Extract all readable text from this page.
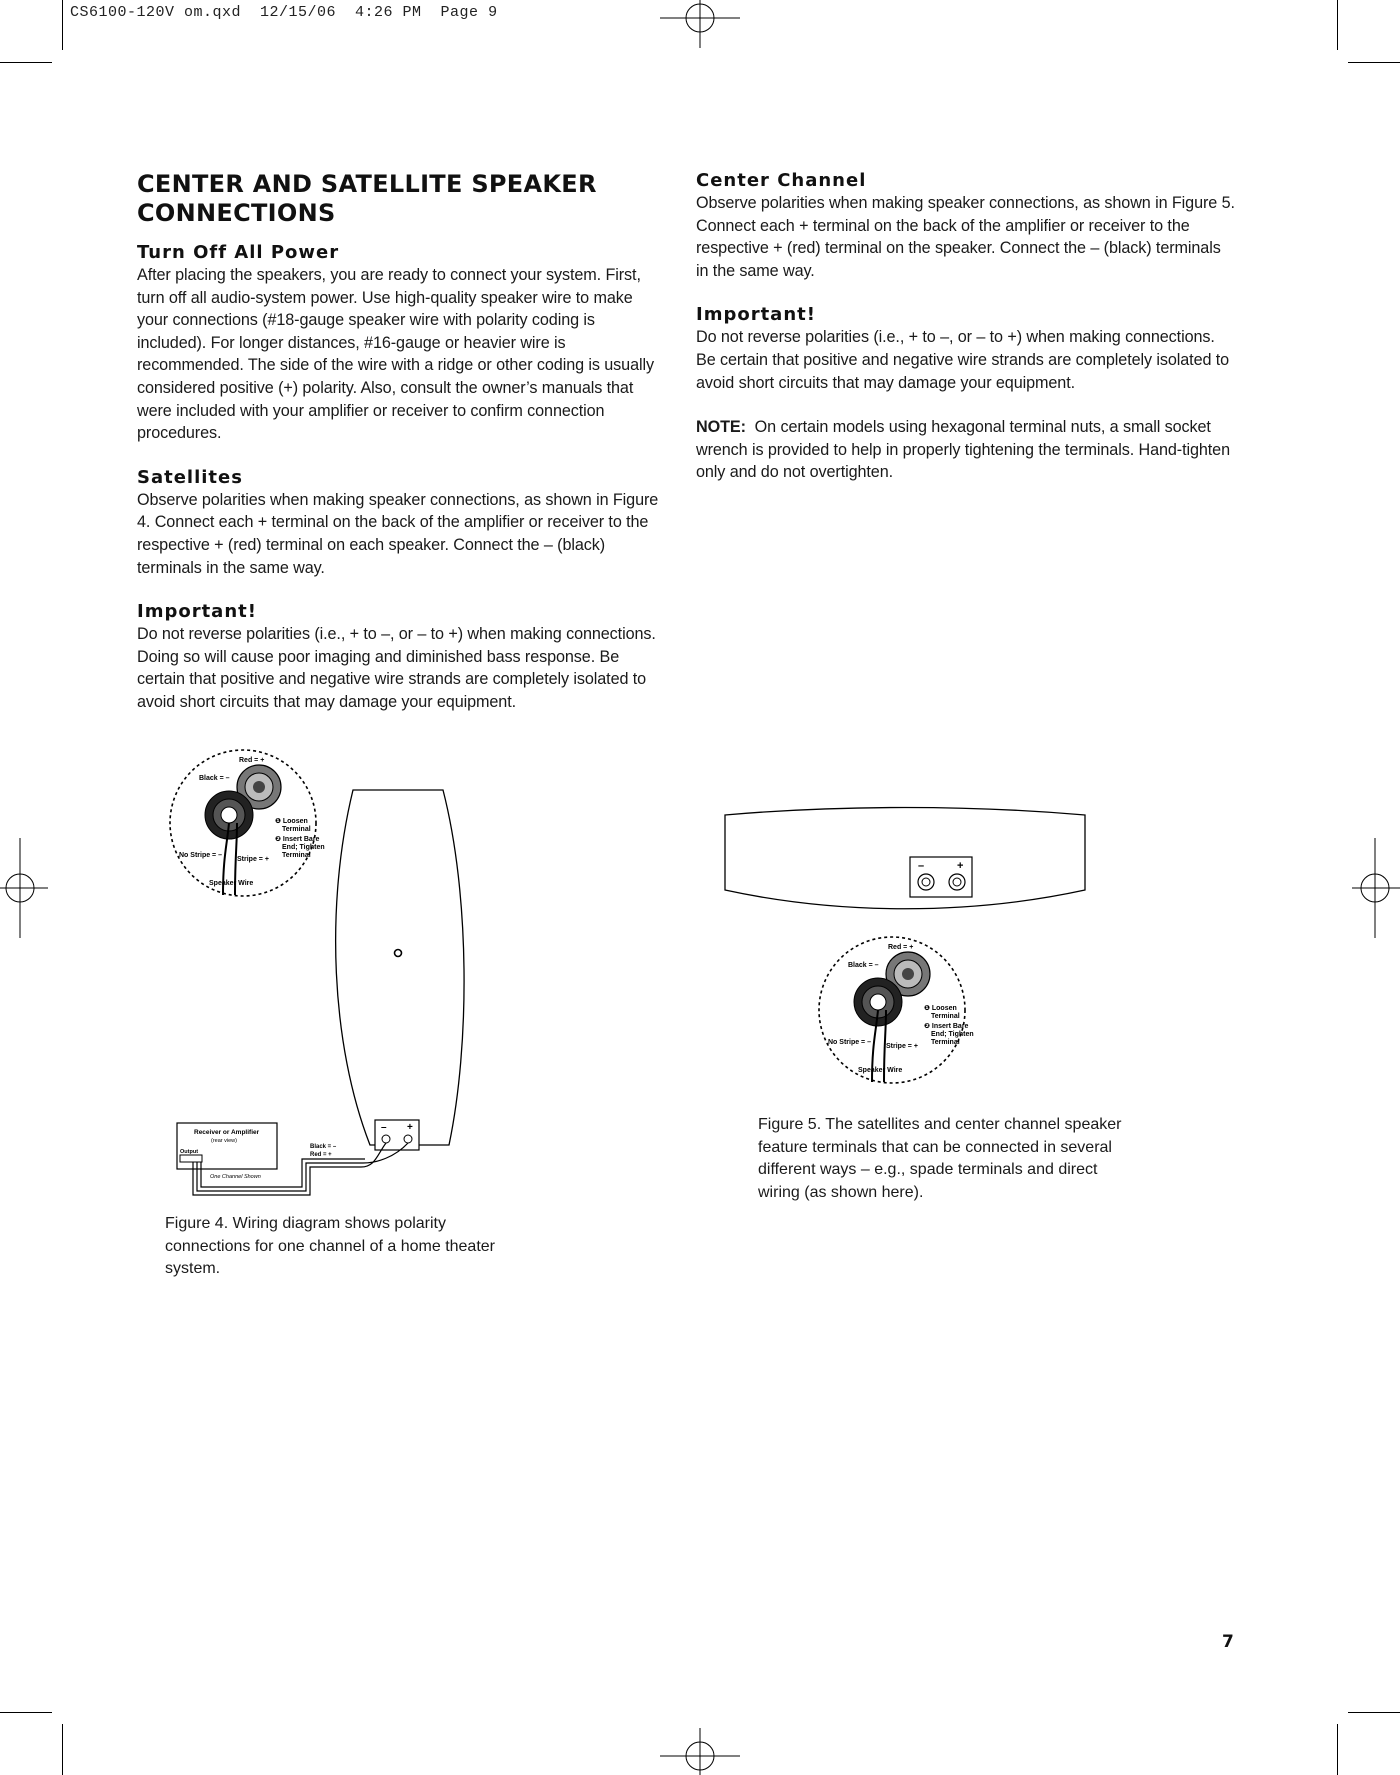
CS6100-120V om.qxd  12/15/06  4:26 PM  Page 9
CENTER AND SATELLITE SPEAKER CONNECTIONS
Turn Off All Power

After placing the speakers, you are ready to connect your system. First, turn off all audio-system power. Use high-quality speaker wire to make your connections (#18-gauge speaker wire with polarity coding is included). For longer distances, #16-gauge or heavier wire is recommended. The side of the wire with a ridge or other coding is usually considered positive (+) polarity. Also, consult the owner’s manuals that were included with your amplifier or receiver to confirm connection procedures.

Satellites

Observe polarities when making speaker connections, as shown in Figure 4. Connect each + terminal on the back of the amplifier or receiver to the respective + (red) terminal on each speaker. Connect the – (black) terminals in the same way.

Important!

Do not reverse polarities (i.e., + to –, or – to +) when making connections. Doing so will cause poor imaging and diminished bass response. Be certain that positive and negative wire strands are completely isolated to avoid short circuits that may damage your equipment.

Center Channel

Observe polarities when making speaker connections, as shown in Figure 5. Connect each + terminal on the back of the amplifier or receiver to the respective + (red) terminal on the speaker. Connect the – (black) terminals in the same way.

Important!

Do not reverse polarities (i.e., + to –, or – to +) when making connections. Be certain that positive and negative wire strands are completely isolated to avoid short circuits that may damage your equipment.

NOTE: On certain models using hexagonal terminal nuts, a small socket wrench is provided to help in properly tightening the terminals. Hand-tighten only and do not overtighten.

Red = +
Black = –
❶ Loosen
Terminal
❷ Insert Bare
End; Tighten
Terminal
No Stripe = –
Stripe = +
Speaker Wire
– +
Receiver or Amplifier
(rear view)
Output
One Channel Shown
Black = –
Red = +
Figure 4. Wiring diagram shows polarity connections for one channel of a home theater system.
–	+
Red = +
Black = –
❶ Loosen
Terminal
❷ Insert Bare
End; Tighten
Terminal
No Stripe = –
Stripe = +
Speaker Wire
Figure 5. The satellites and center channel speaker feature terminals that can be connected in several different ways – e.g., spade terminals and direct wiring (as shown here).
7
